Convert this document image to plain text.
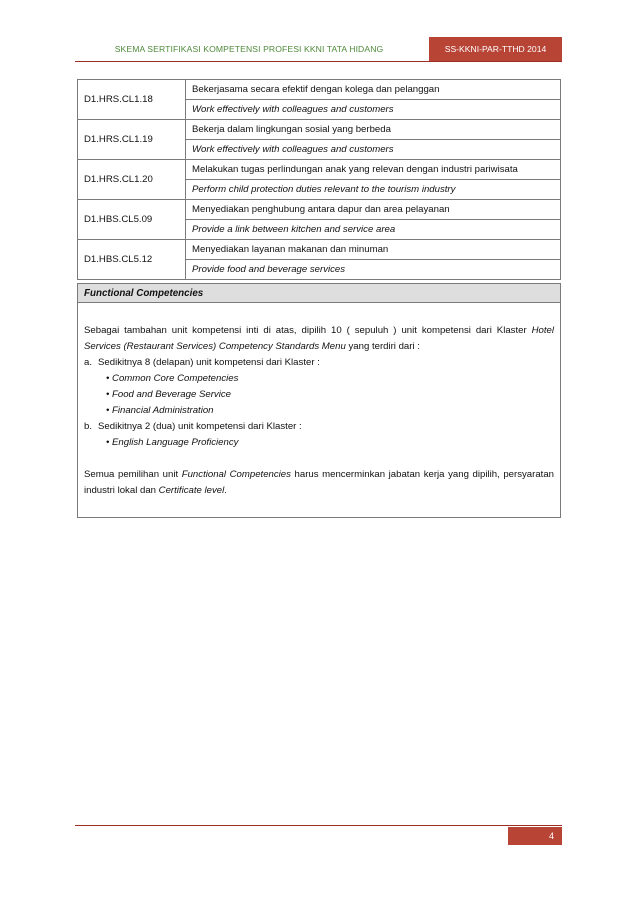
SKEMA SERTIFIKASI KOMPETENSI PROFESI KKNI TATA HIDANG	SS-KKNI-PAR-TTHD 2014
D1.HRS.CL1.18	Bekerjasama secara efektif dengan kolega dan pelanggan
	Work effectively with colleagues and customers
D1.HRS.CL1.19	Bekerja dalam lingkungan sosial yang berbeda
	Work effectively with colleagues and customers
D1.HRS.CL1.20	Melakukan tugas perlindungan anak yang relevan dengan industri pariwisata
	Perform child protection duties relevant to the tourism industry
D1.HBS.CL5.09	Menyediakan penghubung antara dapur dan area pelayanan
	Provide a link between kitchen and service area
D1.HBS.CL5.12	Menyediakan layanan makanan dan minuman
	Provide food and beverage services
Functional Competencies

Sebagai tambahan unit kompetensi inti di atas, dipilih 10 ( sepuluh ) unit kompetensi dari Klaster Hotel Services (Restaurant Services) Competency Standards Menu yang terdiri dari :

a. Sedikitnya 8 (delapan) unit kompetensi dari Klaster :
• Common Core Competencies
• Food and Beverage Service
• Financial Administration
b. Sedikitnya 2 (dua) unit kompetensi dari Klaster :
• English Language Proficiency

Semua pemilihan unit Functional Competencies harus mencerminkan jabatan kerja yang dipilih, persyaratan industri lokal dan Certificate level.

4
